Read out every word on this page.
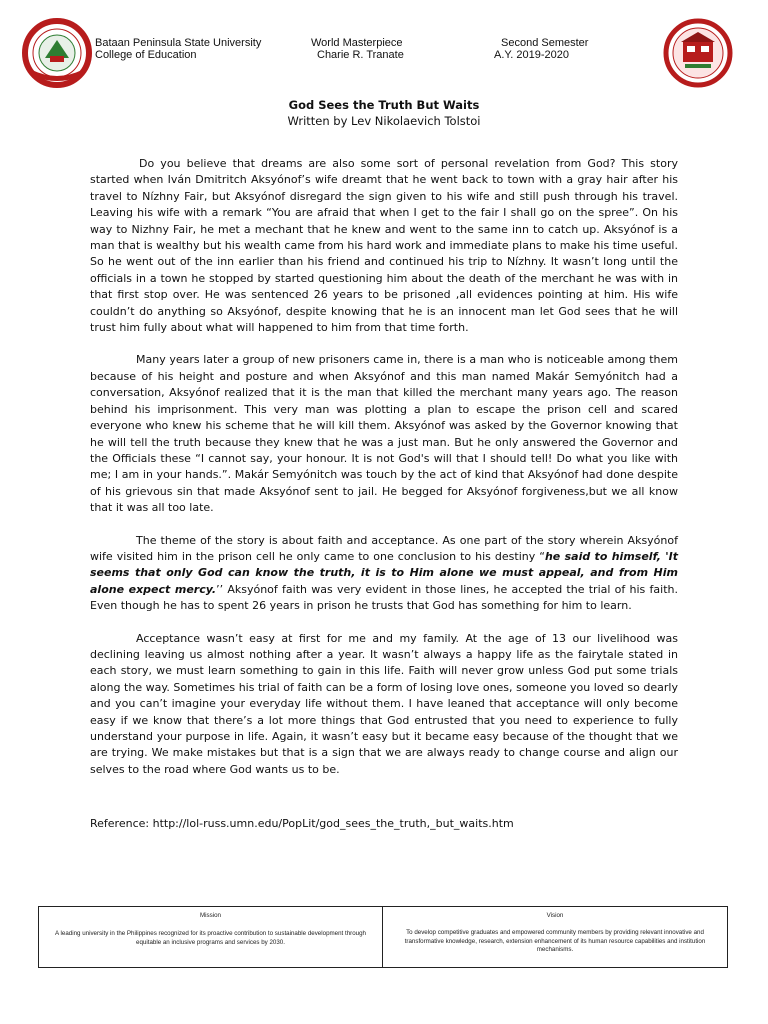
Bataan Peninsula State University
College of Education
World Masterpiece
Charie R. Tranate
Second Semester
A.Y. 2019-2020
God Sees the Truth But Waits
Written by Lev Nikolaevich Tolstoi

Do you believe that dreams are also some sort of personal revelation from God? This story started when Iván Dmitritch Aksyónof’s wife dreamt that he went back to town with a gray hair after his travel to Nízhny Fair, but Aksyónof disregard the sign given to his wife and still push through his travel. Leaving his wife with a remark “You are afraid that when I get to the fair I shall go on the spree”. On his way to Nizhny Fair, he met a mechant that he knew and went to the same inn to catch up. Aksyónof is a man that is wealthy but his wealth came from his hard work and immediate plans to make his time useful. So he went out of the inn earlier than his friend and continued his trip to Nízhny. It wasn’t long until the officials in a town he stopped by started questioning him about the death of the merchant he was with in that first stop over. He was sentenced 26 years to be prisoned ,all evidences pointing at him. His wife couldn’t do anything so Aksyónof, despite knowing that he is an innocent man let God sees that he will trust him fully about what will happened to him from that time forth.

Many years later a group of new prisoners came in, there is a man who is noticeable among them because of his height and posture and when Aksyónof and this man named Makár Semyónitch had a conversation, Aksyónof realized that it is the man that killed the merchant many years ago. The reason behind his imprisonment. This very man was plotting a plan to escape the prison cell and scared everyone who knew his scheme that he will kill them. Aksyónof was asked by the Governor knowing that he will tell the truth because they knew that he was a just man. But he only answered the Governor and the Officials these “I cannot say, your honour. It is not God's will that I should tell! Do what you like with me; I am in your hands.”. Makár Semyónitch was touch by the act of kind that Aksyónof had done despite of his grievous sin that made Aksyónof sent to jail. He begged for Aksyónof forgiveness,but we all know that it was all too late.

The theme of the story is about faith and acceptance. As one part of the story wherein Aksyónof wife visited him in the prison cell he only came to one conclusion to his destiny “he said to himself, 'It seems that only God can know the truth, it is to Him alone we must appeal, and from Him alone expect mercy.’’ Aksyónof faith was very evident in those lines, he accepted the trial of his faith. Even though he has to spent 26 years in prison he trusts that God has something for him to learn.

Acceptance wasn’t easy at first for me and my family. At the age of 13 our livelihood was declining leaving us almost nothing after a year. It wasn’t always a happy life as the fairytale stated in each story, we must learn something to gain in this life. Faith will never grow unless God put some trials along the way. Sometimes his trial of faith can be a form of losing love ones, someone you loved so dearly and you can’t imagine your everyday life without them. I have leaned that acceptance will only become easy if we know that there’s a lot more things that God entrusted that you need to experience to fully understand your purpose in life. Again, it wasn’t easy but it became easy because of the thought that we are trying. We make mistakes but that is a sign that we are always ready to change course and align our selves to the road where God wants us to be.

Reference: http://lol-russ.umn.edu/PopLit/god_sees_the_truth,_but_waits.htm
Mission
A leading university in the Philippines recognized for its proactive contribution to sustainable development through equitable an inclusive programs and services by 2030.
Vision
To develop competitive graduates and empowered community members by providing relevant innovative and transformative knowledge, research, extension enhancement of its human resource capabilities and institution mechanisms.
